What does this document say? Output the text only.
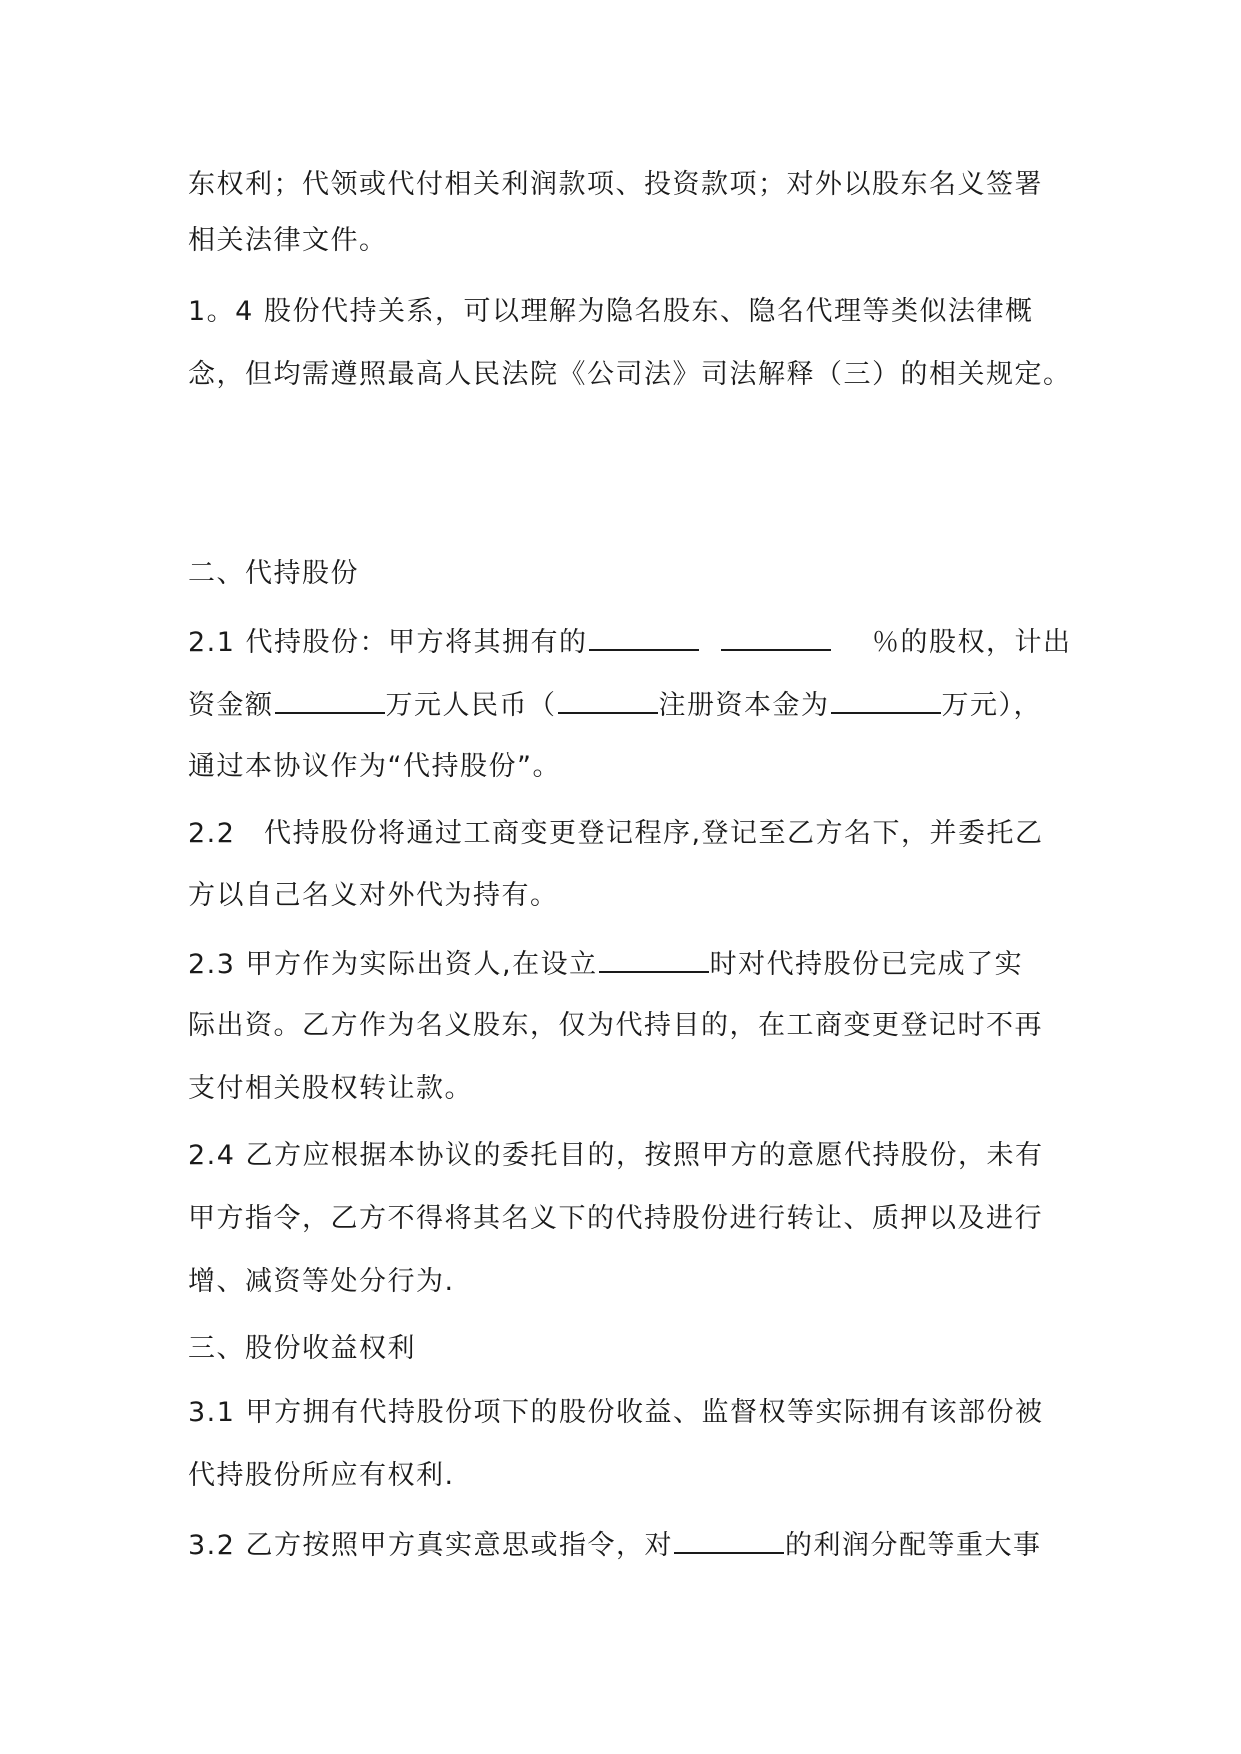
东权利；代领或代付相关利润款项、投资款项；对外以股东名义签署
相关法律文件。
1。4 股份代持关系，可以理解为隐名股东、隐名代理等类似法律概
念，但均需遵照最高人民法院《公司法》司法解释（三）的相关规定。
二、代持股份
2.1 代持股份：甲方将其拥有的	％的股权，计出
资金额	万元人民币（	注册资本金为	万元），
通过本协议作为“代持股份”。
2.2　代持股份将通过工商变更登记程序,登记至乙方名下，并委托乙
方以自己名义对外代为持有。
2.3 甲方作为实际出资人,在设立	时对代持股份已完成了实
际出资。乙方作为名义股东，仅为代持目的，在工商变更登记时不再
支付相关股权转让款。
2.4 乙方应根据本协议的委托目的，按照甲方的意愿代持股份，未有
甲方指令，乙方不得将其名义下的代持股份进行转让、质押以及进行
增、减资等处分行为.
三、股份收益权利
3.1 甲方拥有代持股份项下的股份收益、监督权等实际拥有该部份被
代持股份所应有权利.
3.2 乙方按照甲方真实意思或指令，对	的利润分配等重大事
